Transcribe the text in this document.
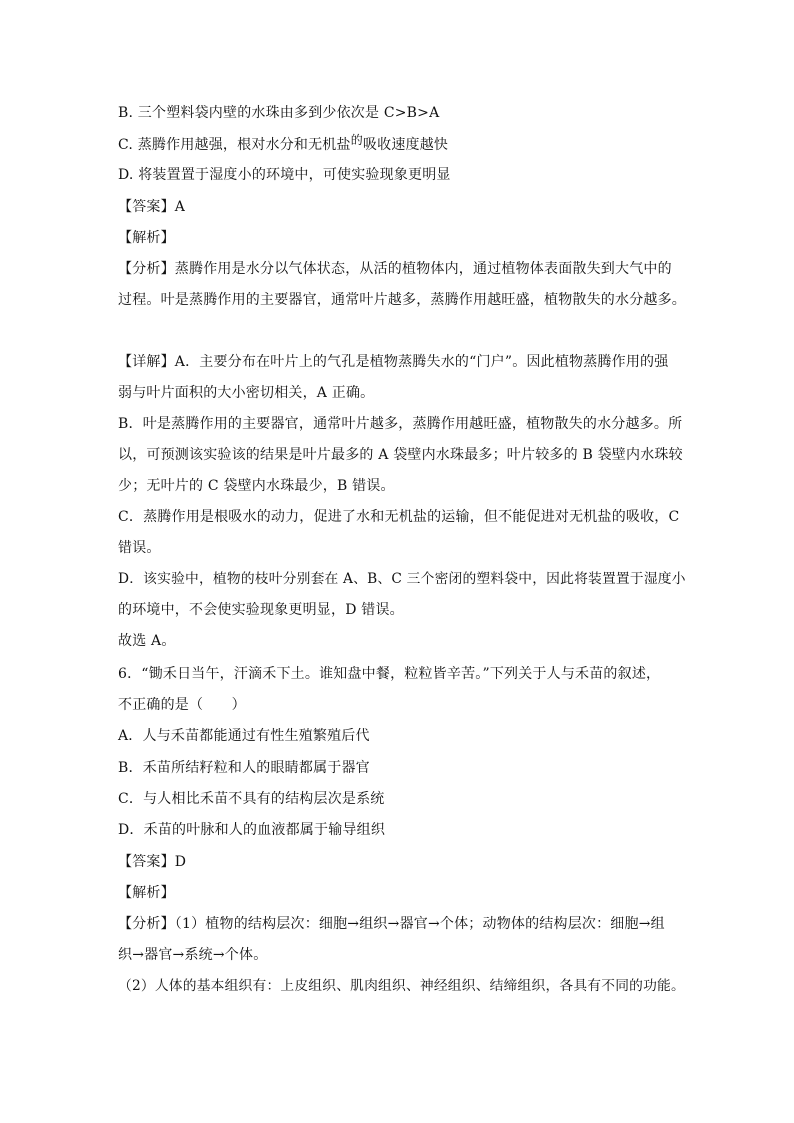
B. 三个塑料袋内壁的水珠由多到少依次是 C>B>A
C. 蒸腾作用越强，根对水分和无机盐的吸收速度越快
D. 将装置置于湿度小的环境中，可使实验现象更明显
【答案】A
【解析】
【分析】蒸腾作用是水分以气体状态，从活的植物体内，通过植物体表面散失到大气中的
过程。叶是蒸腾作用的主要器官，通常叶片越多，蒸腾作用越旺盛，植物散失的水分越多。
【详解】A．主要分布在叶片上的气孔是植物蒸腾失水的“门户”。因此植物蒸腾作用的强
弱与叶片面积的大小密切相关，A 正确。
B．叶是蒸腾作用的主要器官，通常叶片越多，蒸腾作用越旺盛，植物散失的水分越多。所
以，可预测该实验该的结果是叶片最多的 A 袋壁内水珠最多；叶片较多的 B 袋壁内水珠较
少；无叶片的 C 袋壁内水珠最少，B 错误。
C．蒸腾作用是根吸水的动力，促进了水和无机盐的运输，但不能促进对无机盐的吸收，C
错误。
D．该实验中，植物的枝叶分别套在 A、B、C 三个密闭的塑料袋中，因此将装置置于湿度小
的环境中，不会使实验现象更明显，D 错误。
故选 A。
6．“锄禾日当午，汗滴禾下土。谁知盘中餐，粒粒皆辛苦。”下列关于人与禾苗的叙述，
不正确的是（　　）
A．人与禾苗都能通过有性生殖繁殖后代
B．禾苗所结籽粒和人的眼睛都属于器官
C．与人相比禾苗不具有的结构层次是系统
D．禾苗的叶脉和人的血液都属于输导组织
【答案】D
【解析】
【分析】（1）植物的结构层次：细胞→组织→器官→个体；动物体的结构层次：细胞→组
织→器官→系统→个体。
（2）人体的基本组织有：上皮组织、肌肉组织、神经组织、结缔组织，各具有不同的功能。
